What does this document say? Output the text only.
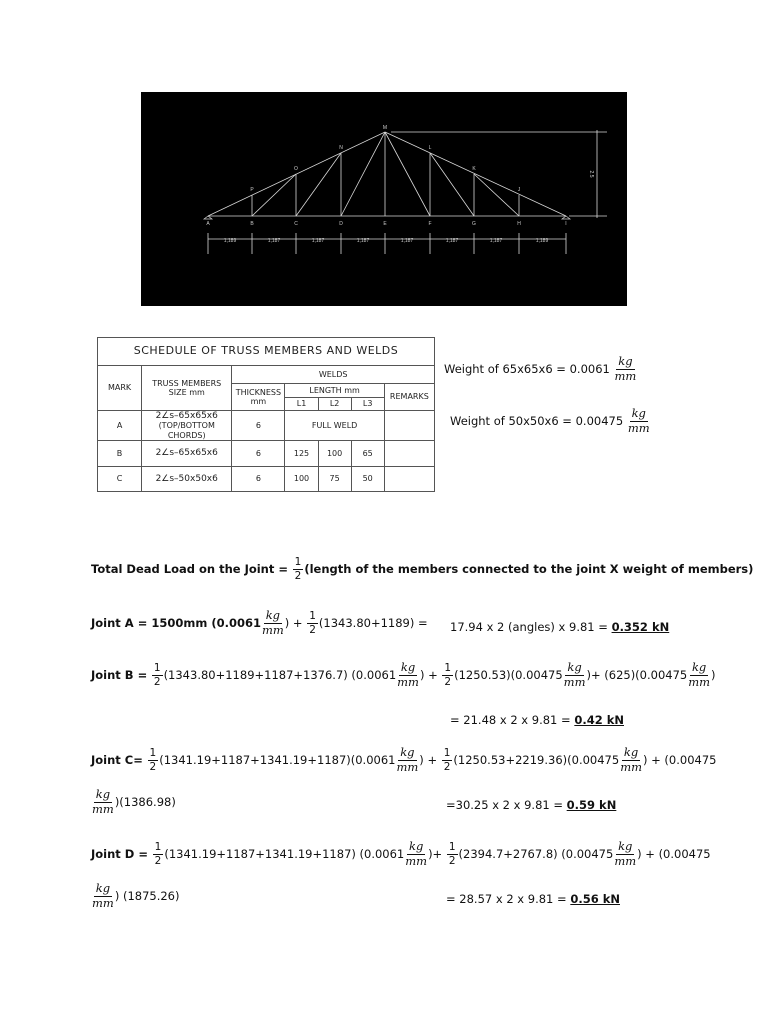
A	B	C	D	E	F	G	H	I
P
O
N
M
L
K
J
2.5
1,189	1,187	1,187	1,187	1,187	1,187	1,187	1,189
SCHEDULE OF TRUSS MEMBERS AND WELDS						
MARK	TRUSS MEMBERS SIZE mm	WELDS				
		THICKNESS mm	LENGTH mm			REMARKS
			L1	L2	L3	
A	2∠s–65x65x6
(TOP/BOTTOM CHORDS)	6	FULL WELD			
B	2∠s–65x65x6	6	125	100	65	
C	2∠s–50x50x6	6	100	75	50	
Weight of 65x65x6 = 0.0061
$\frac{kg}{mm}$
Weight of 50x50x6 = 0.00475
$\frac{kg}{mm}$
Total Dead Load on the Joint =
$\frac{1}{2}$ (length of the members connected to the joint X weight of members)
Joint A = 1500mm ($0.0061 \frac{kg}{mm}$ ) +
$\frac{1}{2} (1343.80+1189) = 17.94$ x 2 (angles) x 9.81 = 0.352 kN
Joint B =
$\frac{1}{2} (1343.80+1189+1187+1376.7)$ ($0.0061 \frac{kg}{mm}$ ) +
$\frac{1}{2} (1250.53)(0.00475 \frac{kg}{mm}$ )+ $(625)(0.00475 \frac{kg}{mm}$ )
= 21.48 x 2 x 9.81 = 0.42 kN
Joint C=
$\frac{1}{2} (1341.19+1187+1341.19+1187)(0.0061 \frac{kg}{mm}$ ) +
$\frac{1}{2} (1250.53+2219.36)(0.00475 \frac{kg}{mm}$ ) + (0.00475
$\frac{kg}{mm} )(1386.98)$	=30.25 x 2 x 9.81 = 0.59 kN
Joint D =
$\frac{1}{2} (1341.19+1187+1341.19+1187)$ ($0.0061 \frac{kg}{mm}$ )+
$\frac{1}{2} (2394.7+2767.8)$ ($0.00475 \frac{kg}{mm}$ ) + (0.00475
$\frac{kg}{mm}$ ) (1875.26)	= 28.57 x 2 x 9.81 = 0.56 kN
